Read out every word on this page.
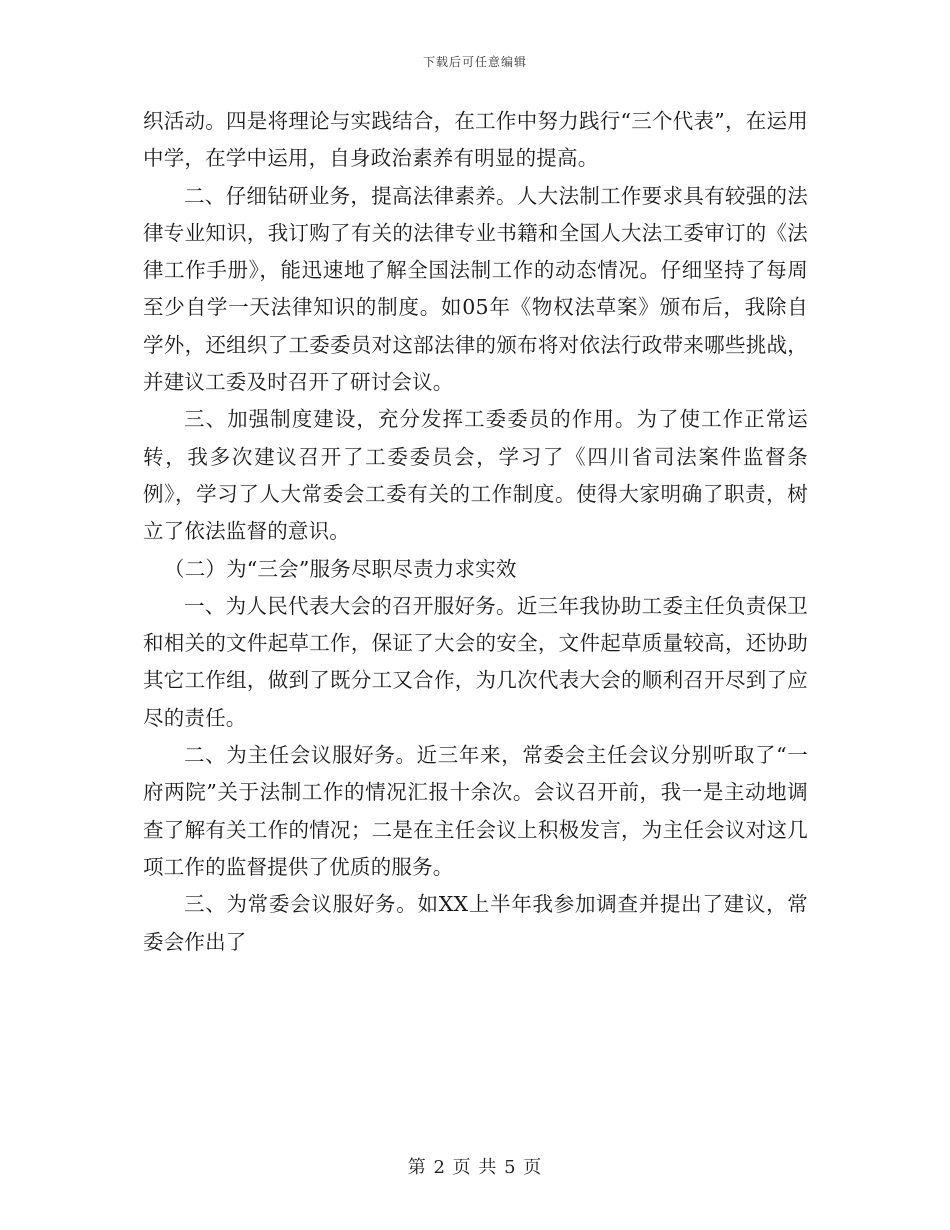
下载后可任意编辑

织活动。四是将理论与实践结合，在工作中努力践行“三个代表”，在运用中学，在学中运用，自身政治素养有明显的提高。

二、仔细钻研业务，提高法律素养。人大法制工作要求具有较强的法律专业知识，我订购了有关的法律专业书籍和全国人大法工委审订的《法律工作手册》，能迅速地了解全国法制工作的动态情况。仔细坚持了每周至少自学一天法律知识的制度。如05年《物权法草案》颁布后，我除自学外，还组织了工委委员对这部法律的颁布将对依法行政带来哪些挑战，并建议工委及时召开了研讨会议。

三、加强制度建设，充分发挥工委委员的作用。为了使工作正常运转，我多次建议召开了工委委员会，学习了《四川省司法案件监督条例》，学习了人大常委会工委有关的工作制度。使得大家明确了职责，树立了依法监督的意识。

（二）为“三会”服务尽职尽责力求实效

一、为人民代表大会的召开服好务。近三年我协助工委主任负责保卫和相关的文件起草工作，保证了大会的安全，文件起草质量较高，还协助其它工作组，做到了既分工又合作，为几次代表大会的顺利召开尽到了应尽的责任。

二、为主任会议服好务。近三年来，常委会主任会议分别听取了“一府两院”关于法制工作的情况汇报十余次。会议召开前，我一是主动地调查了解有关工作的情况；二是在主任会议上积极发言，为主任会议对这几项工作的监督提供了优质的服务。

三、为常委会议服好务。如XX上半年我参加调查并提出了建议，常委会作出了

第 2 页 共 5 页
